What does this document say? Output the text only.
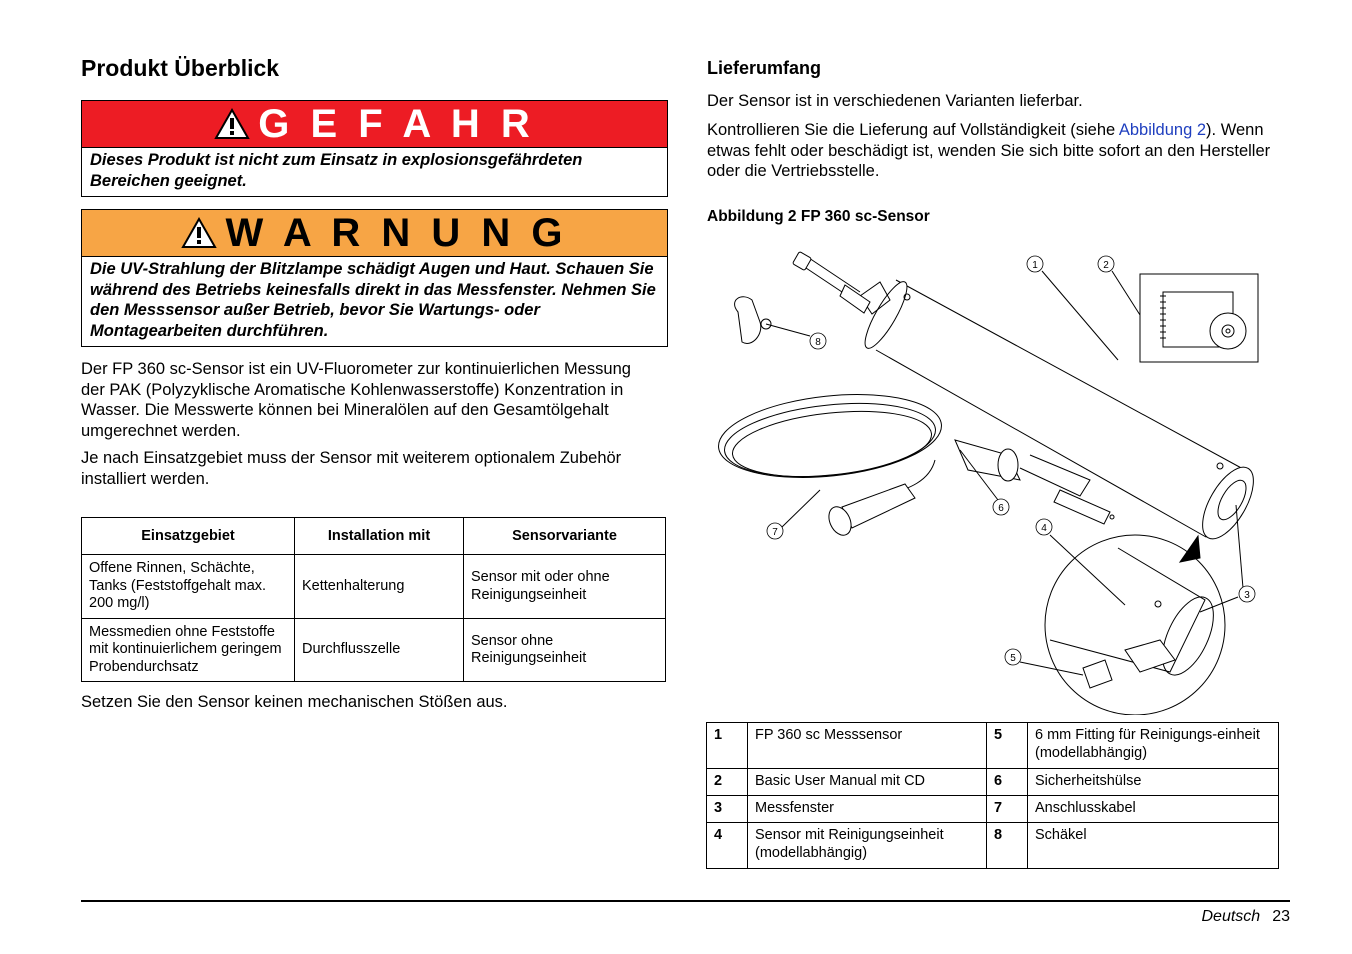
Produkt Überblick
G E F A H R
Dieses Produkt ist nicht zum Einsatz in explosionsgefährdeten Bereichen geeignet.
W A R N U N G
Die UV-Strahlung der Blitzlampe schädigt Augen und Haut. Schauen Sie während des Betriebs keinesfalls direkt in das Messfenster. Nehmen Sie den Messsensor außer Betrieb, bevor Sie Wartungs- oder Montagearbeiten durchführen.

Der FP 360 sc-Sensor ist ein UV-Fluorometer zur kontinuierlichen Messung der PAK (Polyzyklische Aromatische Kohlenwasserstoffe) Konzentration in Wasser. Die Messwerte können bei Mineralölen auf den Gesamtölgehalt umgerechnet werden.

Je nach Einsatzgebiet muss der Sensor mit weiterem optionalem Zubehör installiert werden.

Einsatzgebiet	Installation mit	Sensorvariante
Offene Rinnen, Schächte, Tanks (Feststoffgehalt max. 200 mg/l)	Kettenhalterung	Sensor mit oder ohne Reinigungseinheit
Messmedien ohne Feststoffe mit kontinuierlichem geringem Probendurchsatz	Durchflusszelle	Sensor ohne Reinigungseinheit

Setzen Sie den Sensor keinen mechanischen Stößen aus.

Lieferumfang

Der Sensor ist in verschiedenen Varianten lieferbar.

Kontrollieren Sie die Lieferung auf Vollständigkeit (siehe Abbildung 2). Wenn etwas fehlt oder beschädigt ist, wenden Sie sich bitte sofort an den Hersteller oder die Vertriebsstelle.

Abbildung 2 FP 360 sc-Sensor
1	2
3
4
5
6
7
8
1	FP 360 sc Messsensor	5	6 mm Fitting für Reinigungs-einheit (modellabhängig)
2	Basic User Manual mit CD	6	Sicherheitshülse
3	Messfenster	7	Anschlusskabel
4	Sensor mit Reinigungseinheit (modellabhängig)	8	Schäkel
Deutsch 23
